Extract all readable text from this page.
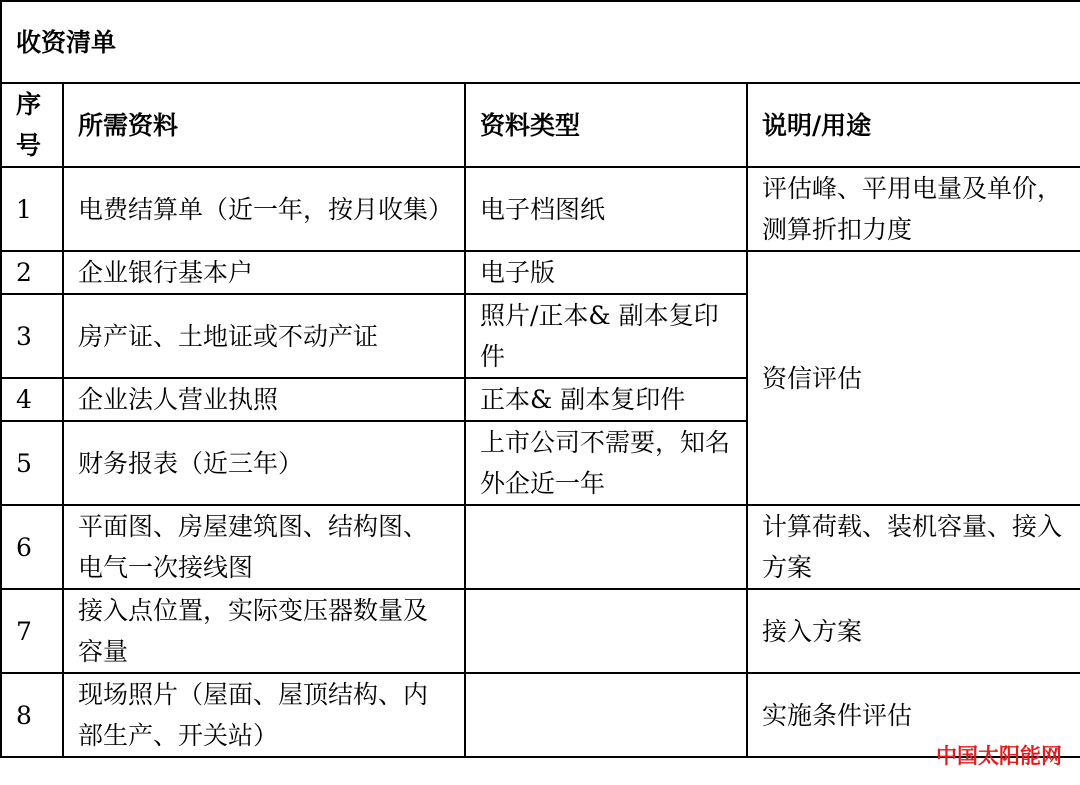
收资清单			
序
号	所需资料	资料类型	说明/用途
1	电费结算单（近一年，按月收集）	电子档图纸	评估峰、平用电量及单价，测算折扣力度
2	企业银行基本户	电子版	资信评估
3	房产证、土地证或不动产证	照片/正本& 副本复印件	
4	企业法人营业执照	正本& 副本复印件	
5	财务报表（近三年）	上市公司不需要，知名外企近一年	
6	平面图、房屋建筑图、结构图、电气一次接线图		计算荷载、装机容量、接入方案
7	接入点位置，实际变压器数量及容量		接入方案
8	现场照片（屋面、屋顶结构、内部生产、开关站）		实施条件评估
中国太阳能网
